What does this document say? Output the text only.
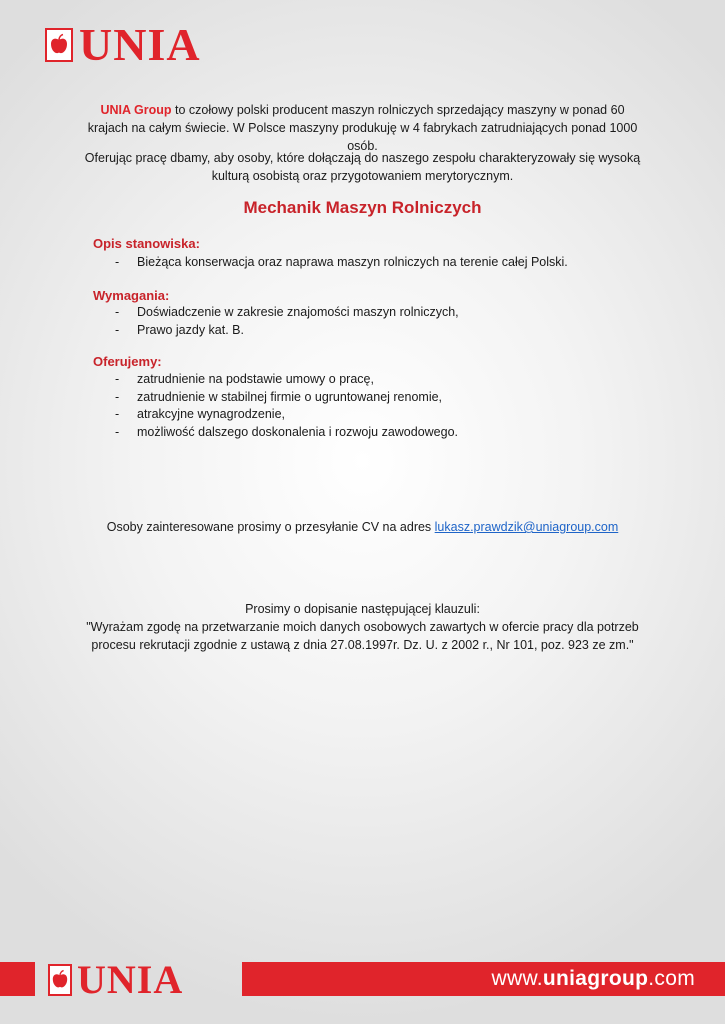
UNIA
UNIA Group to czołowy polski producent maszyn rolniczych sprzedający maszyny w ponad 60 krajach na całym świecie. W Polsce maszyny produkuję w 4 fabrykach zatrudniających ponad 1000 osób.
Oferując pracę dbamy, aby osoby, które dołączają do naszego zespołu charakteryzowały się wysoką kulturą osobistą oraz przygotowaniem merytorycznym.
Mechanik Maszyn Rolniczych
Opis stanowiska:
-	Bieżąca konserwacja oraz naprawa maszyn rolniczych na terenie całej Polski.
Wymagania:
-	Doświadczenie w zakresie znajomości maszyn rolniczych,
-	Prawo jazdy kat. B.
Oferujemy:
-	zatrudnienie na podstawie umowy o pracę,
-	zatrudnienie w stabilnej firmie o ugruntowanej renomie,
-	atrakcyjne wynagrodzenie,
-	możliwość dalszego doskonalenia i rozwoju zawodowego.
Osoby zainteresowane prosimy o przesyłanie CV na adres lukasz.prawdzik@uniagroup.com
Prosimy o dopisanie następującej klauzuli:
"Wyrażam zgodę na przetwarzanie moich danych osobowych zawartych w ofercie pracy dla potrzeb procesu rekrutacji zgodnie z ustawą z dnia 27.08.1997r. Dz. U. z 2002 r., Nr 101, poz. 923 ze zm."
www.uniagroup.com
UNIA
